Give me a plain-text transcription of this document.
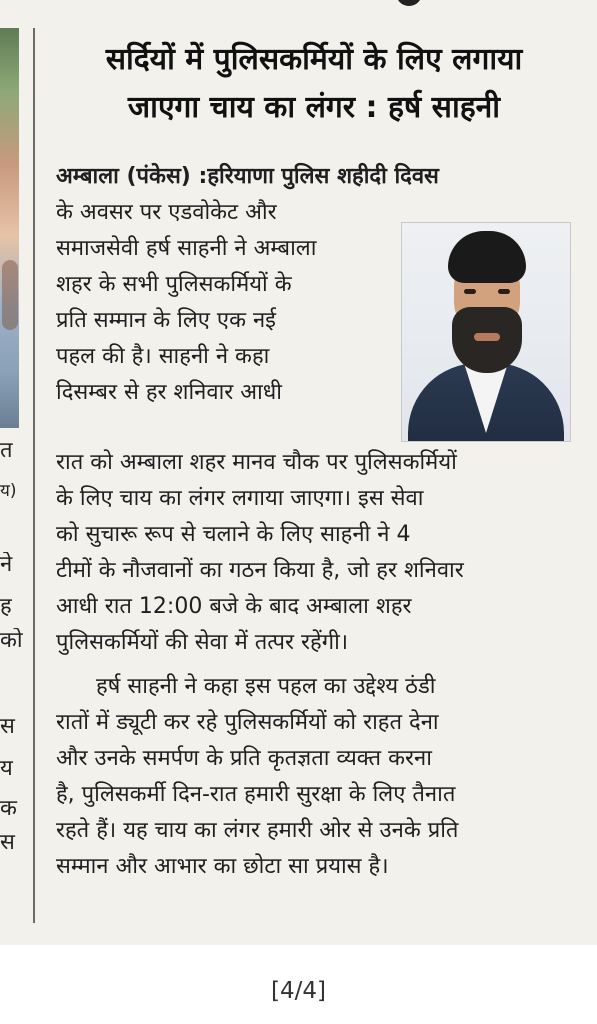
त
य)
ने
ह
को
स
य
क
स
सर्दियों में पुलिसकर्मियों के लिए लगाया
जाएगा चाय का लंगर : हर्ष साहनी

अम्बाला (पंकेस) :हरियाणा पुलिस शहीदी दिवस

के अवसर पर एडवोकेट और

समाजसेवी हर्ष साहनी ने अम्बाला

शहर के सभी पुलिसकर्मियों के

प्रति सम्मान के लिए एक नई

पहल की है। साहनी ने कहा

दिसम्बर से हर शनिवार आधी

रात को अम्बाला शहर मानव चौक पर पुलिसकर्मियों

के लिए चाय का लंगर लगाया जाएगा। इस सेवा

को सुचारू रूप से चलाने के लिए साहनी ने 4

टीमों के नौजवानों का गठन किया है, जो हर शनिवार

आधी रात 12:00 बजे के बाद अम्बाला शहर

पुलिसकर्मियों की सेवा में तत्पर रहेंगी।

हर्ष साहनी ने कहा इस पहल का उद्देश्य ठंडी

रातों में ड्यूटी कर रहे पुलिसकर्मियों को राहत देना

और उनके समर्पण के प्रति कृतज्ञता व्यक्त करना

है, पुलिसकर्मी दिन-रात हमारी सुरक्षा के लिए तैनात

रहते हैं। यह चाय का लंगर हमारी ओर से उनके प्रति

सम्मान और आभार का छोटा सा प्रयास है।

[4/4]
